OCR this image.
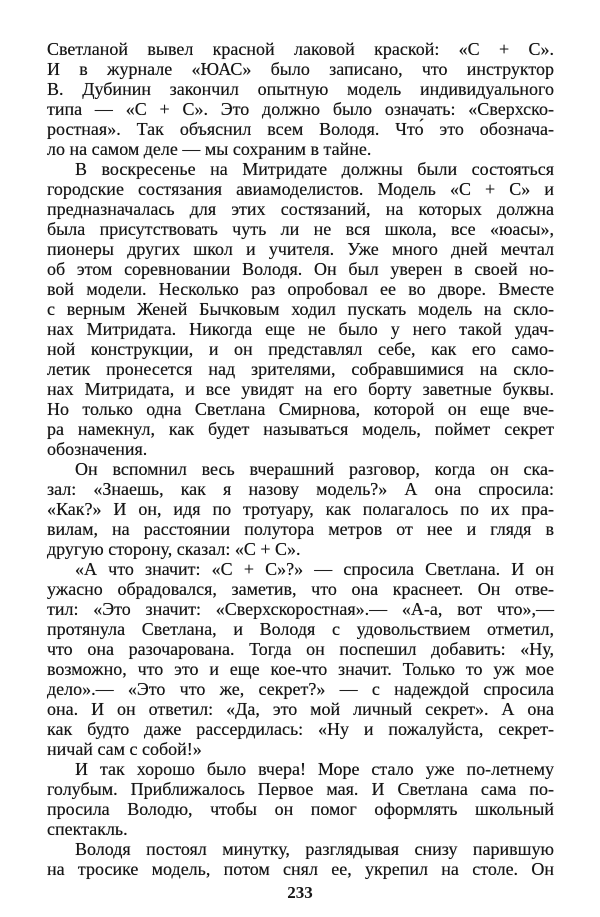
Светланой вывел красной лаковой краской: «С + С».
И в журнале «ЮАС» было записано, что инструктор
В. Дубинин закончил опытную модель индивидуального
типа — «С + С». Это должно было означать: «Сверхско-
ростная». Так объяснил всем Володя. Что́ это обознача-
ло на самом деле — мы сохраним в тайне.
В воскресенье на Митридате должны были состояться
городские состязания авиамоделистов. Модель «С + С» и
предназначалась для этих состязаний, на которых должна
была присутствовать чуть ли не вся школа, все «юасы»,
пионеры других школ и учителя. Уже много дней мечтал
об этом соревновании Володя. Он был уверен в своей но-
вой модели. Несколько раз опробовал ее во дворе. Вместе
с верным Женей Бычковым ходил пускать модель на скло-
нах Митридата. Никогда еще не было у него такой удач-
ной конструкции, и он представлял себе, как его само-
летик пронесется над зрителями, собравшимися на скло-
нах Митридата, и все увидят на его борту заветные буквы.
Но только одна Светлана Смирнова, которой он еще вче-
ра намекнул, как будет называться модель, поймет секрет
обозначения.
Он вспомнил весь вчерашний разговор, когда он ска-
зал: «Знаешь, как я назову модель?» А она спросила:
«Как?» И он, идя по тротуару, как полагалось по их пра-
вилам, на расстоянии полутора метров от нее и глядя в
другую сторону, сказал: «С + С».
«А что значит: «С + С»?» — спросила Светлана. И он
ужасно обрадовался, заметив, что она краснеет. Он отве-
тил: «Это значит: «Сверхскоростная».— «А-а, вот что»,—
протянула Светлана, и Володя с удовольствием отметил,
что она разочарована. Тогда он поспешил добавить: «Ну,
возможно, что это и еще кое-что значит. Только то уж мое
дело».— «Это что же, секрет?» — с надеждой спросила
она. И он ответил: «Да, это мой личный секрет». А она
как будто даже рассердилась: «Ну и пожалуйста, секрет-
ничай сам с собой!»
И так хорошо было вчера! Море стало уже по-летнему
голубым. Приближалось Первое мая. И Светлана сама по-
просила Володю, чтобы он помог оформлять школьный
спектакль.
Володя постоял минутку, разглядывая снизу парившую
на тросике модель, потом снял ее, укрепил на столе. Он
233
